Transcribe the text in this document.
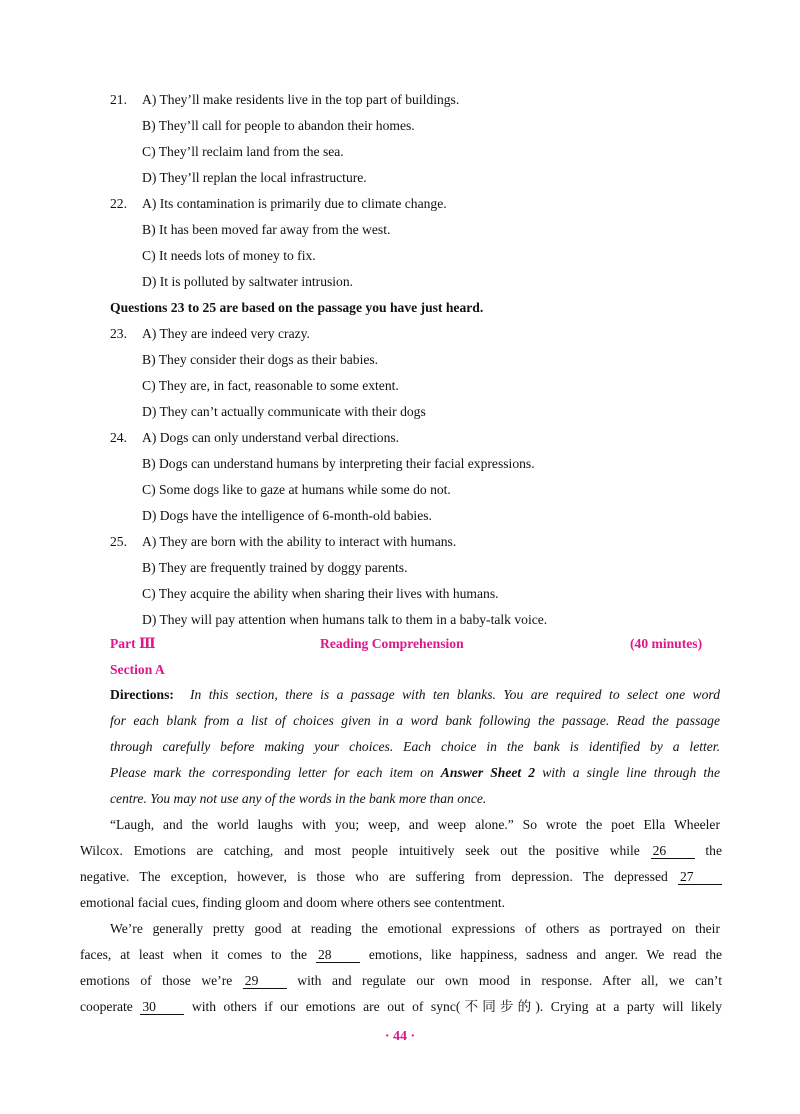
21. A) They’ll make residents live in the top part of buildings.
B) They’ll call for people to abandon their homes.
C) They’ll reclaim land from the sea.
D) They’ll replan the local infrastructure.
22. A) Its contamination is primarily due to climate change.
B) It has been moved far away from the west.
C) It needs lots of money to fix.
D) It is polluted by saltwater intrusion.
Questions 23 to 25 are based on the passage you have just heard.
23. A) They are indeed very crazy.
B) They consider their dogs as their babies.
C) They are, in fact, reasonable to some extent.
D) They can’t actually communicate with their dogs
24. A) Dogs can only understand verbal directions.
B) Dogs can understand humans by interpreting their facial expressions.
C) Some dogs like to gaze at humans while some do not.
D) Dogs have the intelligence of 6-month-old babies.
25. A) They are born with the ability to interact with humans.
B) They are frequently trained by doggy parents.
C) They acquire the ability when sharing their lives with humans.
D) They will pay attention when humans talk to them in a baby-talk voice.
Part Ⅲ	Reading Comprehension	(40 minutes)
Section A
Directions: In this section, there is a passage with ten blanks. You are required to select one word
for each blank from a list of choices given in a word bank following the passage. Read the passage
through carefully before making your choices. Each choice in the bank is identified by a letter.
Please mark the corresponding letter for each item on Answer Sheet 2 with a single line through the
centre. You may not use any of the words in the bank more than once.
“Laugh, and the world laughs with you; weep, and weep alone.” So wrote the poet Ella Wheeler
Wilcox. Emotions are catching, and most people intuitively seek out the positive while 26	the
negative. The exception, however, is those who are suffering from depression. The depressed 27
emotional facial cues, finding gloom and doom where others see contentment.
We’re generally pretty good at reading the emotional expressions of others as portrayed on their
faces, at least when it comes to the 28	emotions, like happiness, sadness and anger. We read the
emotions of those we’re 29	with and regulate our own mood in response. After all, we can’t
cooperate 30	with others if our emotions are out of sync(不同步的). Crying at a party will likely
· 44 ·
